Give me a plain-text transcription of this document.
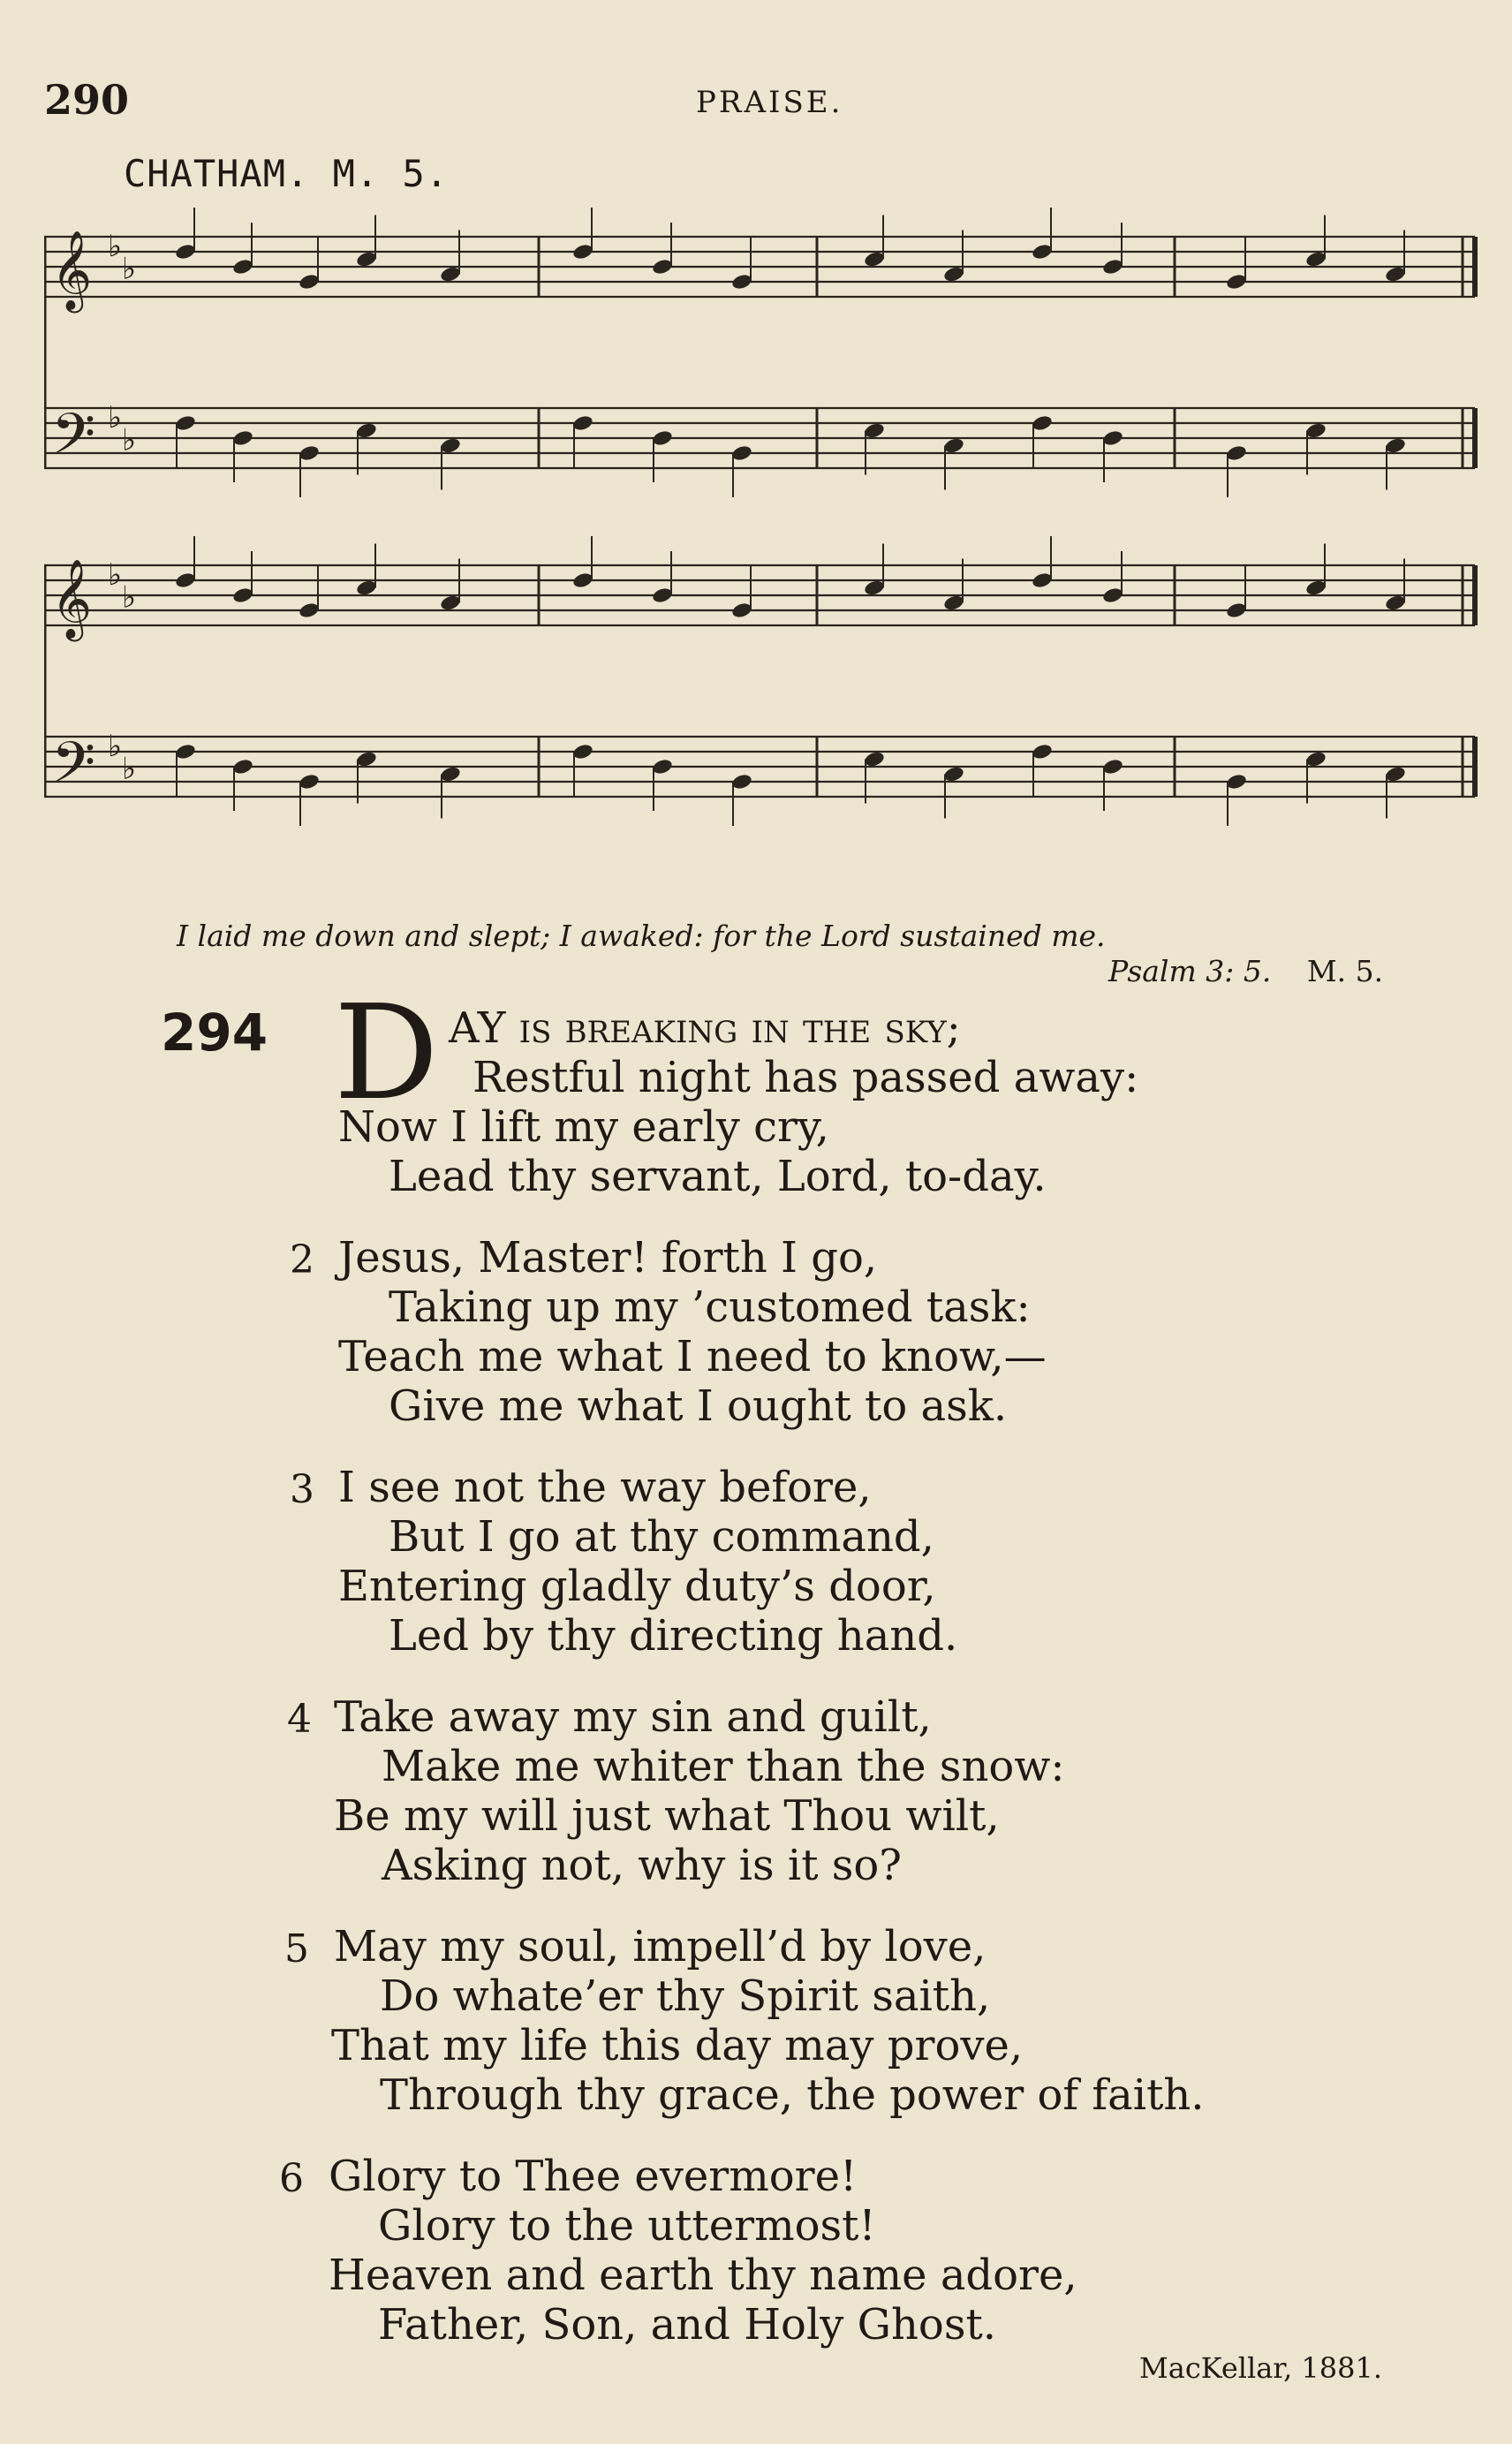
290	PRAISE.
CHATHAM. M. 5.
𝄞 ♭
♭
𝄢 ♭
♭
𝄞 ♭
♭
𝄢 ♭
♭
I laid me down and slept; I awaked: for the Lord sustained me.
Psalm 3: 5. M. 5.
294 D AY is breaking in the sky;
Restful night has passed away:
Now I lift my early cry,
Lead thy servant, Lord, to-day.
2 Jesus, Master! forth I go,
Taking up my ’customed task:
Teach me what I need to know,—
Give me what I ought to ask.
3 I see not the way before,
But I go at thy command,
Entering gladly duty’s door,
Led by thy directing hand.
4 Take away my sin and guilt,
Make me whiter than the snow:
Be my will just what Thou wilt,
Asking not, why is it so?
5 May my soul, impell’d by love,
Do whate’er thy Spirit saith,
That my life this day may prove,
Through thy grace, the power of faith.
6 Glory to Thee evermore!
Glory to the uttermost!
Heaven and earth thy name adore,
Father, Son, and Holy Ghost.
MacKellar, 1881.
